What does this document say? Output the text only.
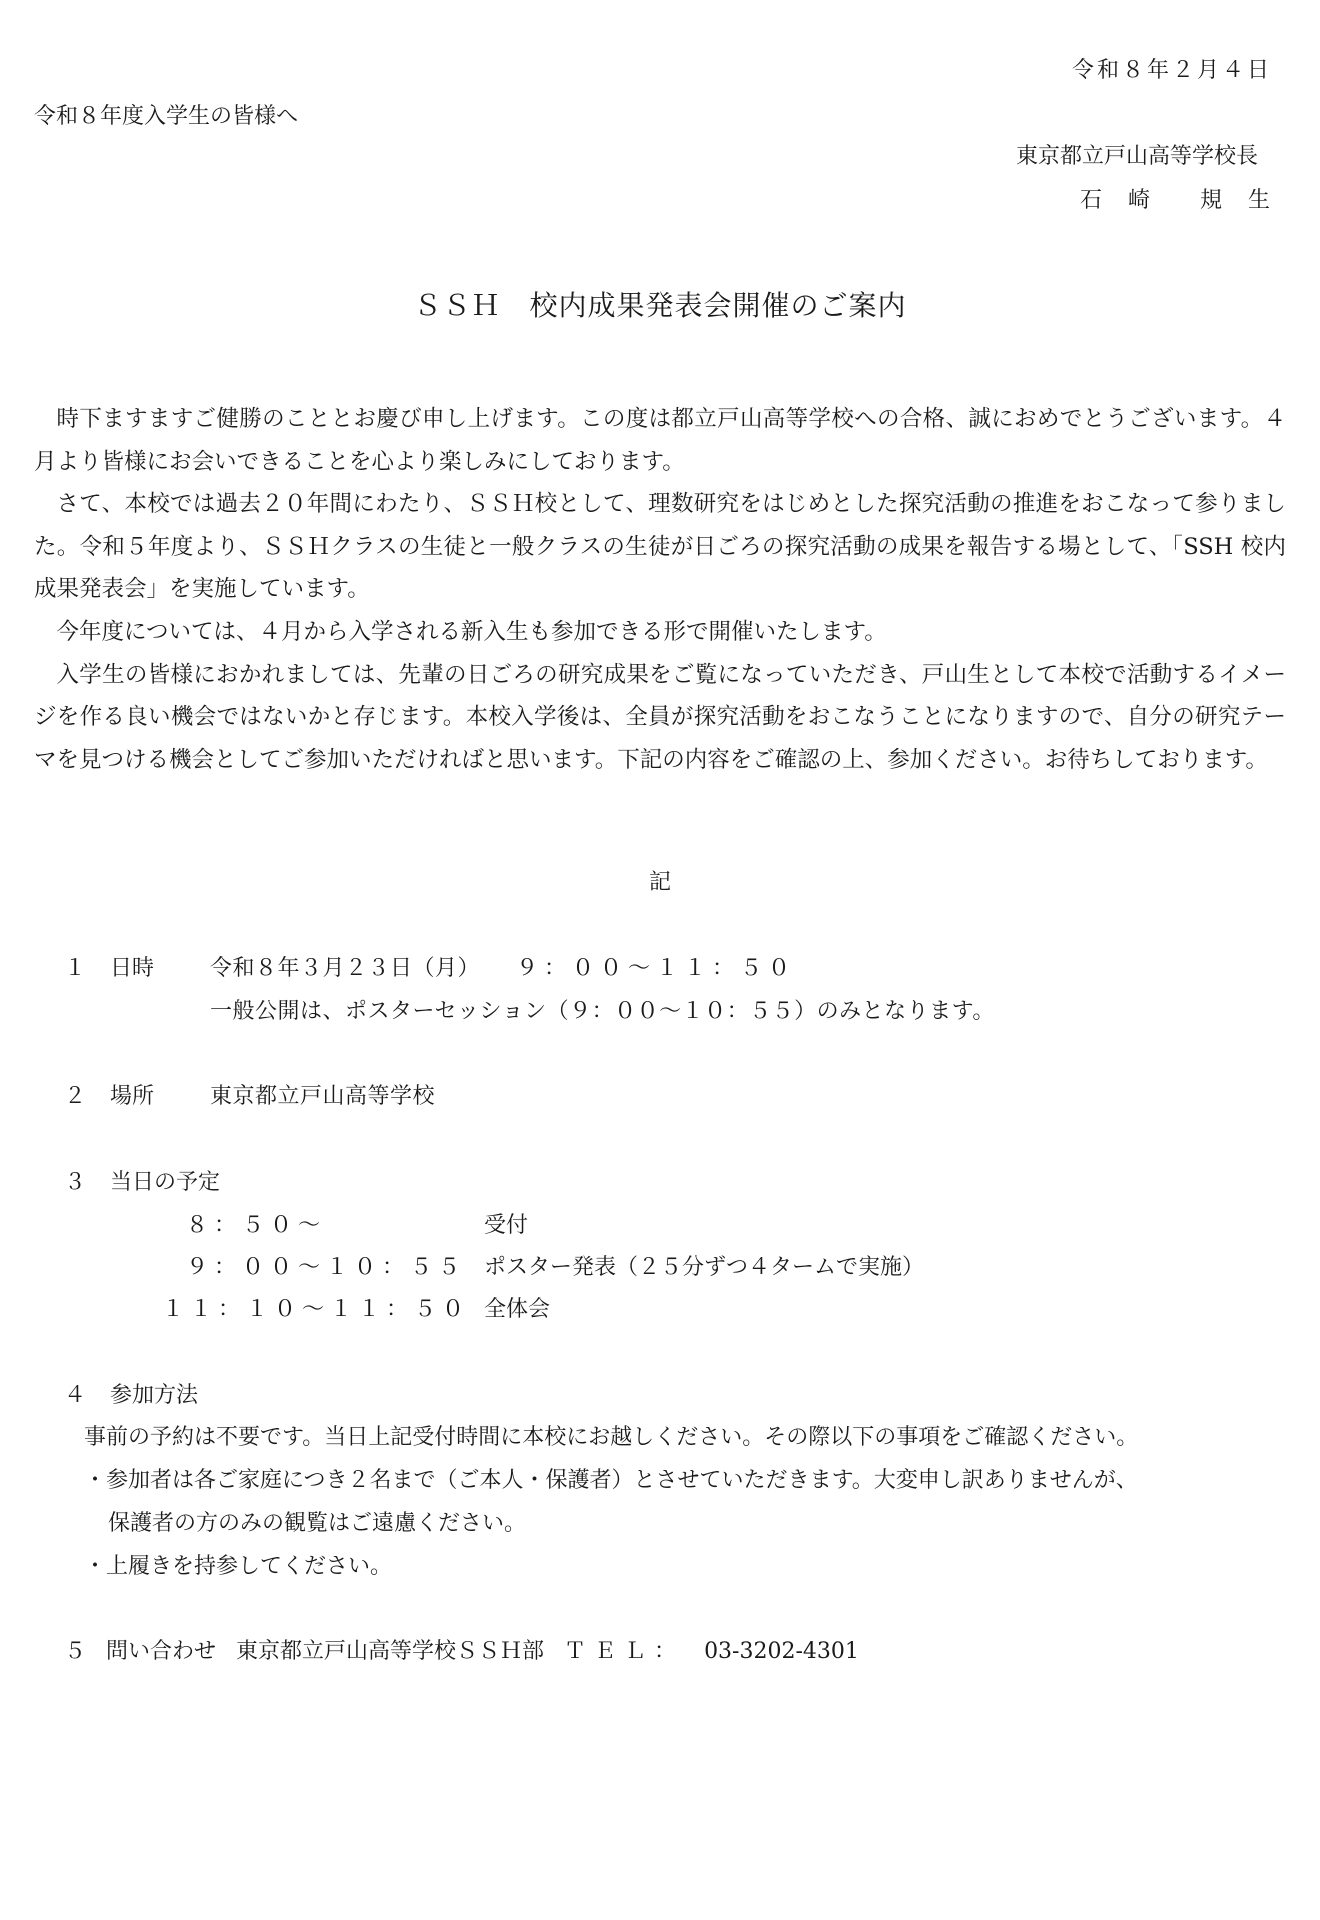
令和８年２月４日
令和８年度入学生の皆様へ
東京都立戸山高等学校長
石　崎　　規　生
ＳＳＨ　校内成果発表会開催のご案内

時下ますますご健勝のこととお慶び申し上げます。この度は都立戸山高等学校への合格、誠におめでとうございます。４月より皆様にお会いできることを心より楽しみにしております。

さて、本校では過去２０年間にわたり、ＳＳＨ校として、理数研究をはじめとした探究活動の推進をおこなって参りました。令和５年度より、ＳＳＨクラスの生徒と一般クラスの生徒が日ごろの探究活動の成果を報告する場として、「SSH 校内成果発表会」を実施しています。

今年度については、４月から入学される新入生も参加できる形で開催いたします。

入学生の皆様におかれましては、先輩の日ごろの研究成果をご覧になっていただき、戸山生として本校で活動するイメージを作る良い機会ではないかと存じます。本校入学後は、全員が探究活動をおこなうことになりますので、自分の研究テーマを見つける機会としてご参加いただければと思います。下記の内容をご確認の上、参加ください。お待ちしております。

記
１ 日時	令和８年３月２３日（月） ９：００～１１：５０
一般公開は、ポスターセッション（９：００～１０：５５）のみとなります。
２ 場所	東京都立戸山高等学校
３ 当日の予定
８：５０～	受付
９：００～１０：５５ ポスター発表（２５分ずつ４タームで実施）
１１：１０～１１：５０ 全体会
４ 参加方法
事前の予約は不要です。当日上記受付時間に本校にお越しください。その際以下の事項をご確認ください。
・参加者は各ご家庭につき２名まで（ご本人・保護者）とさせていただきます。大変申し訳ありませんが、
保護者の方のみの観覧はご遠慮ください。
・上履きを持参してください。
５ 問い合わせ 東京都立戸山高等学校ＳＳＨ部 ＴＥＬ： 03-3202-4301
